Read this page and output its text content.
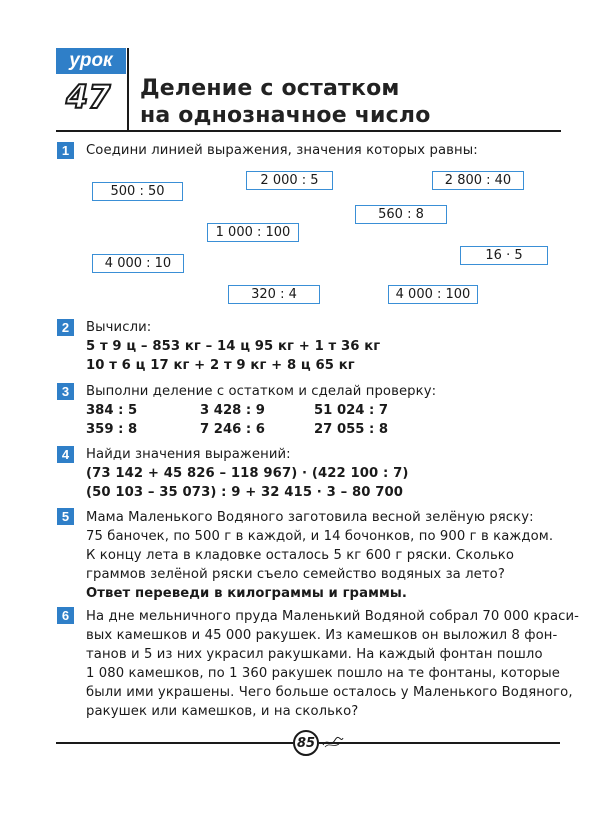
урок
47 Деление с остатком
на однозначное число
1	Соедини линией выражения, значения которых равны:
500 : 50
2 000 : 5	2 800 : 40
560 : 8
1 000 : 100
16 · 5
4 000 : 10
320 : 4	4 000 : 100
2	Вычисли:
5 т 9 ц – 853 кг – 14 ц 95 кг + 1 т 36 кг
10 т 6 ц 17 кг + 2 т 9 кг + 8 ц 65 кг
3	Выполни деление с остатком и сделай проверку:
384 : 5	3 428 : 9	51 024 : 7
359 : 8	7 246 : 6	27 055 : 8
4	Найди значения выражений:
(73 142 + 45 826 – 118 967) · (422 100 : 7)
(50 103 – 35 073) : 9 + 32 415 · 3 – 80 700
5	Мама Маленького Водяного заготовила весной зелёную ряску:
75 баночек, по 500 г в каждой, и 14 бочонков, по 900 г в каждом.
К концу лета в кладовке осталось 5 кг 600 г ряски. Сколько
граммов зелёной ряски съело семейство водяных за лето?
Ответ переведи в килограммы и граммы.
6	На дне мельничного пруда Маленький Водяной собрал 70 000 краси-
вых камешков и 45 000 ракушек. Из камешков он выложил 8 фон-
танов и 5 из них украсил ракушками. На каждый фонтан пошло
1 080 камешков, по 1 360 ракушек пошло на те фонтаны, которые
были ими украшены. Чего больше осталось у Маленького Водяного,
ракушек или камешков, и на сколько?
85
